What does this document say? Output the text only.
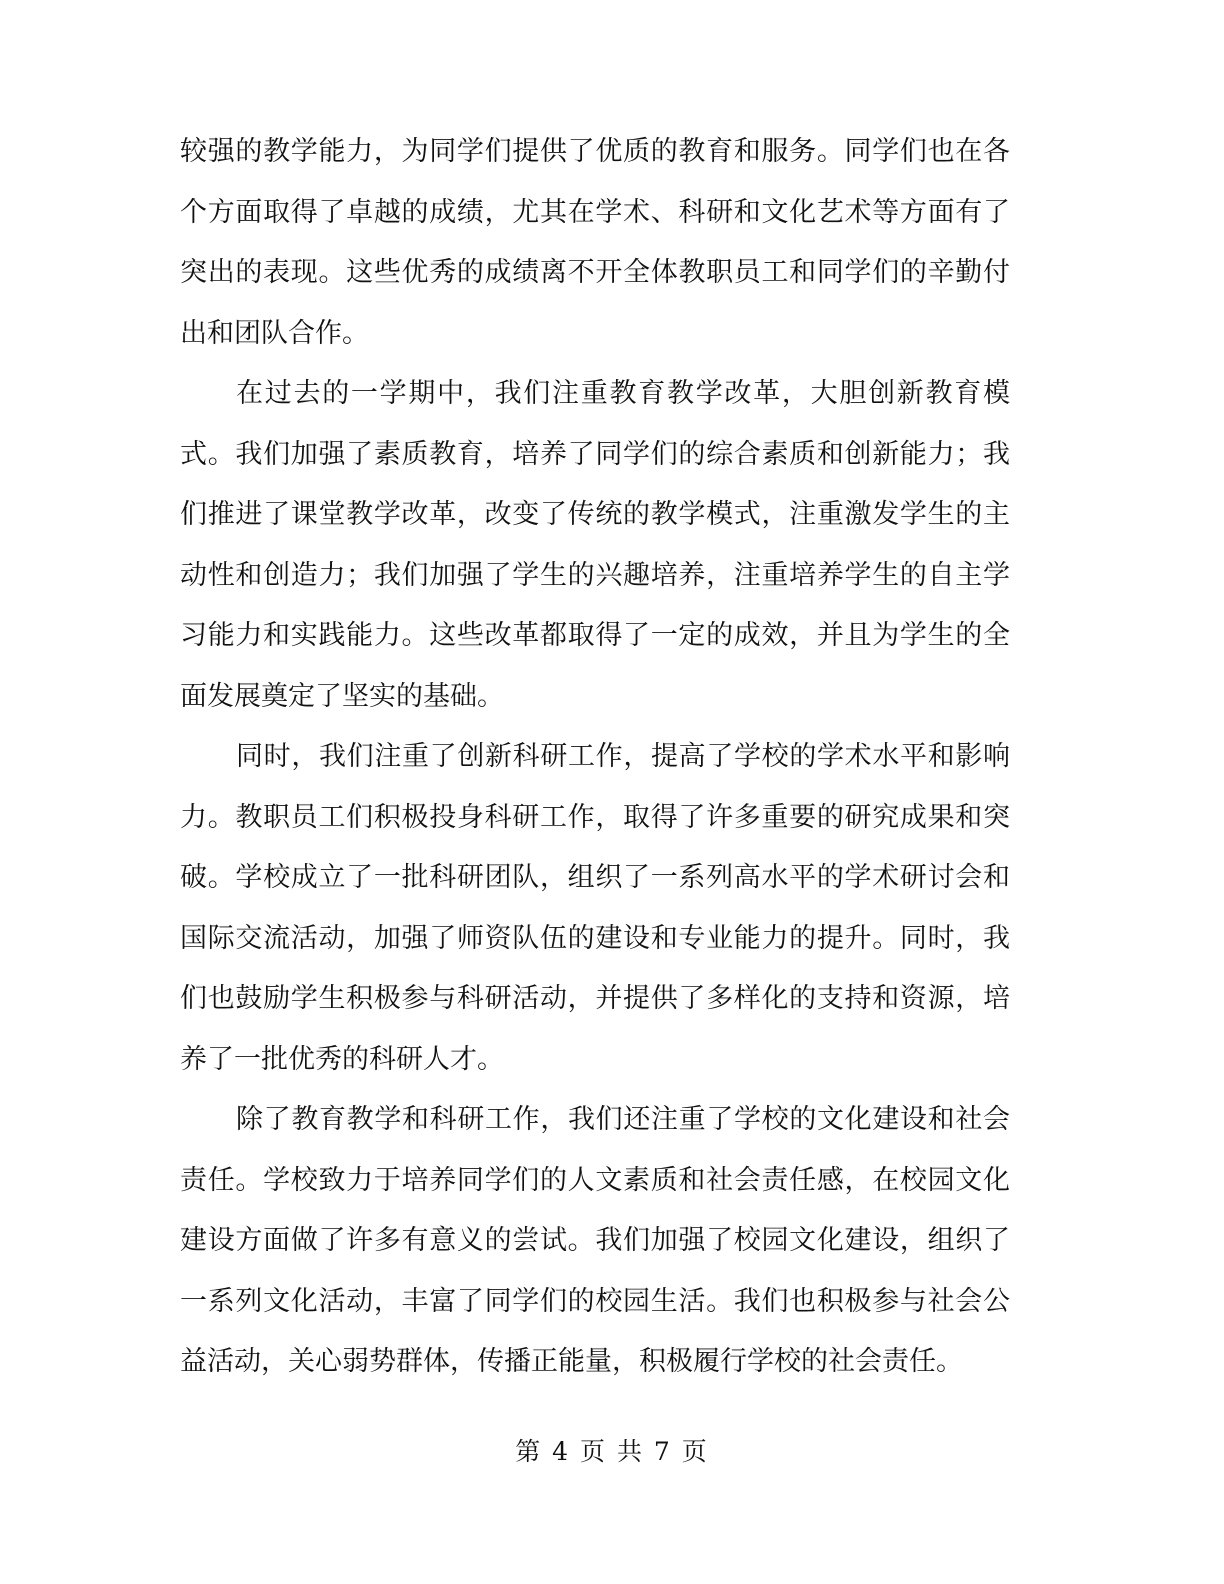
较强的教学能力，为同学们提供了优质的教育和服务。同学们也在各个方面取得了卓越的成绩，尤其在学术、科研和文化艺术等方面有了突出的表现。这些优秀的成绩离不开全体教职员工和同学们的辛勤付出和团队合作。

在过去的一学期中，我们注重教育教学改革，大胆创新教育模式。我们加强了素质教育，培养了同学们的综合素质和创新能力；我们推进了课堂教学改革，改变了传统的教学模式，注重激发学生的主动性和创造力；我们加强了学生的兴趣培养，注重培养学生的自主学习能力和实践能力。这些改革都取得了一定的成效，并且为学生的全面发展奠定了坚实的基础。

同时，我们注重了创新科研工作，提高了学校的学术水平和影响力。教职员工们积极投身科研工作，取得了许多重要的研究成果和突破。学校成立了一批科研团队，组织了一系列高水平的学术研讨会和国际交流活动，加强了师资队伍的建设和专业能力的提升。同时，我们也鼓励学生积极参与科研活动，并提供了多样化的支持和资源，培养了一批优秀的科研人才。

除了教育教学和科研工作，我们还注重了学校的文化建设和社会责任。学校致力于培养同学们的人文素质和社会责任感，在校园文化建设方面做了许多有意义的尝试。我们加强了校园文化建设，组织了一系列文化活动，丰富了同学们的校园生活。我们也积极参与社会公益活动，关心弱势群体，传播正能量，积极履行学校的社会责任。

第 4 页 共 7 页
